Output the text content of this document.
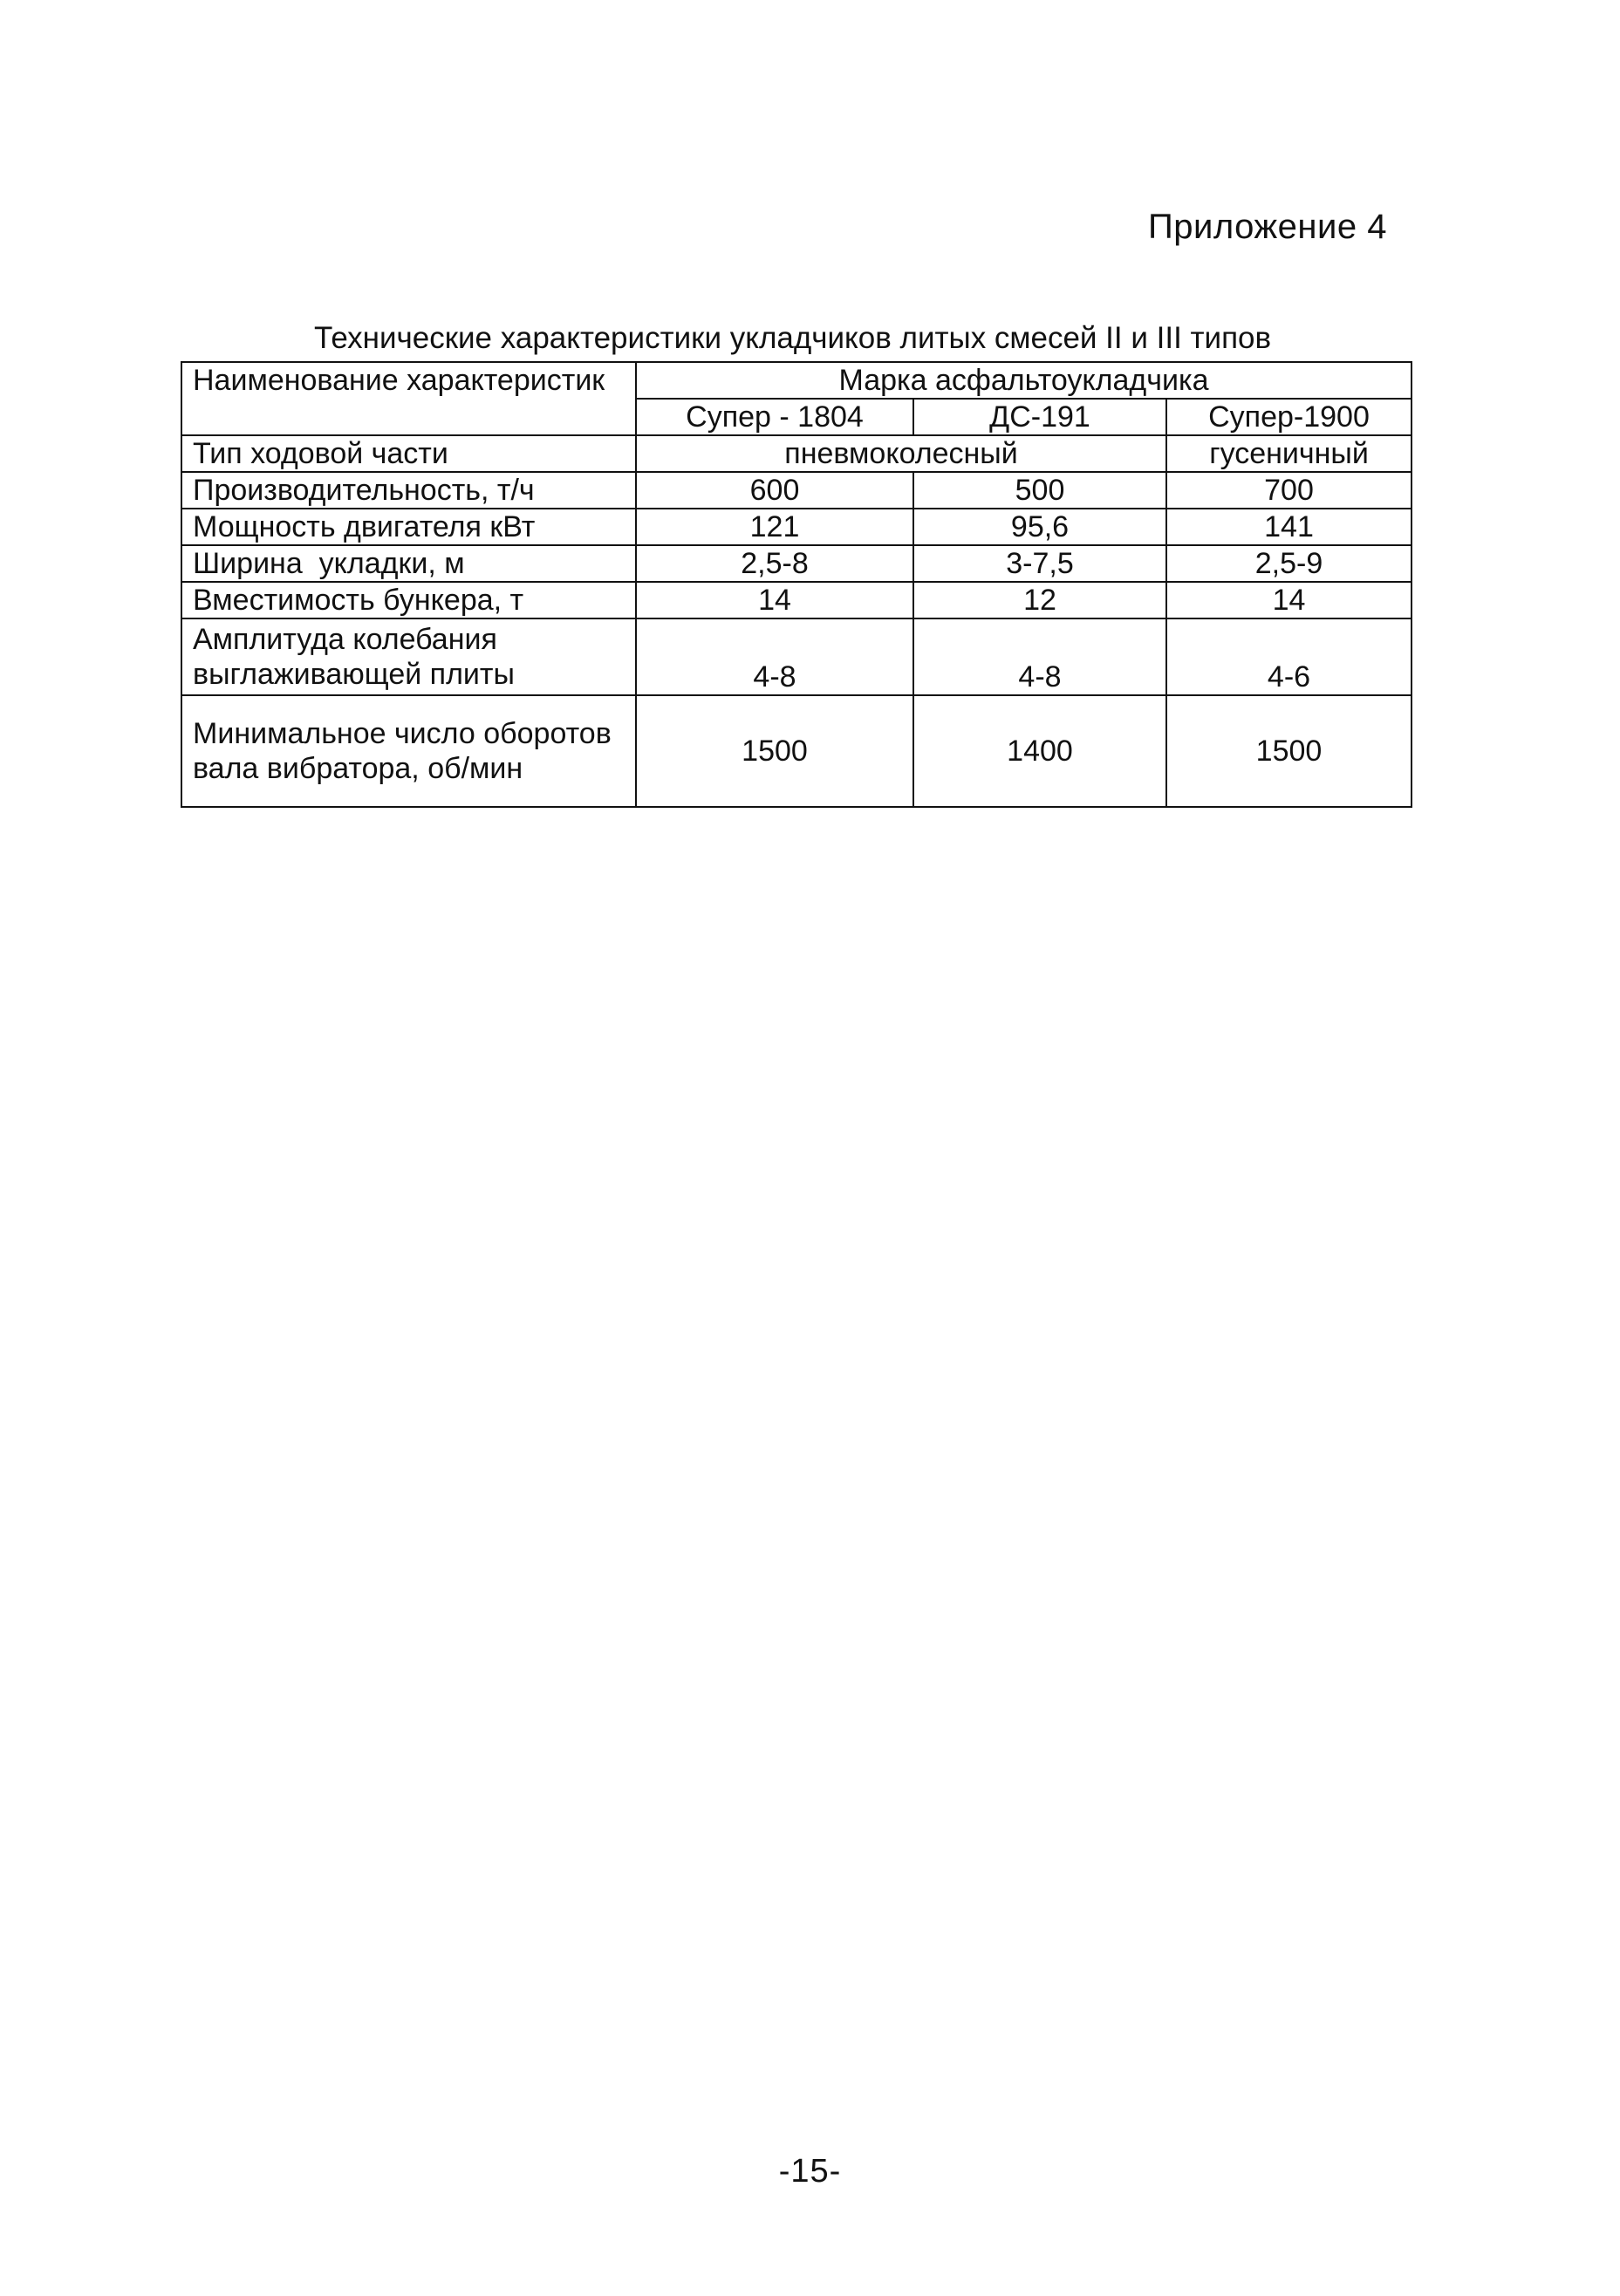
Приложение 4
Технические характеристики укладчиков литых смесей II и III типов
Наименование характеристик	Марка асфальтоукладчика		
	Супер - 1804	ДС-191	Супер-1900
Тип ходовой части	пневмоколесный		гусеничный
Производительность, т/ч	600	500	700
Мощность двигателя кВт	121	95,6	141
Ширина  укладки, м	2,5-8	3-7,5	2,5-9
Вместимость бункера, т	14	12	14
Амплитуда колебания выглаживающей плиты	4-8	4-8	4-6
Минимальное число оборотов вала вибратора, об/мин	1500	1400	1500
-15-
